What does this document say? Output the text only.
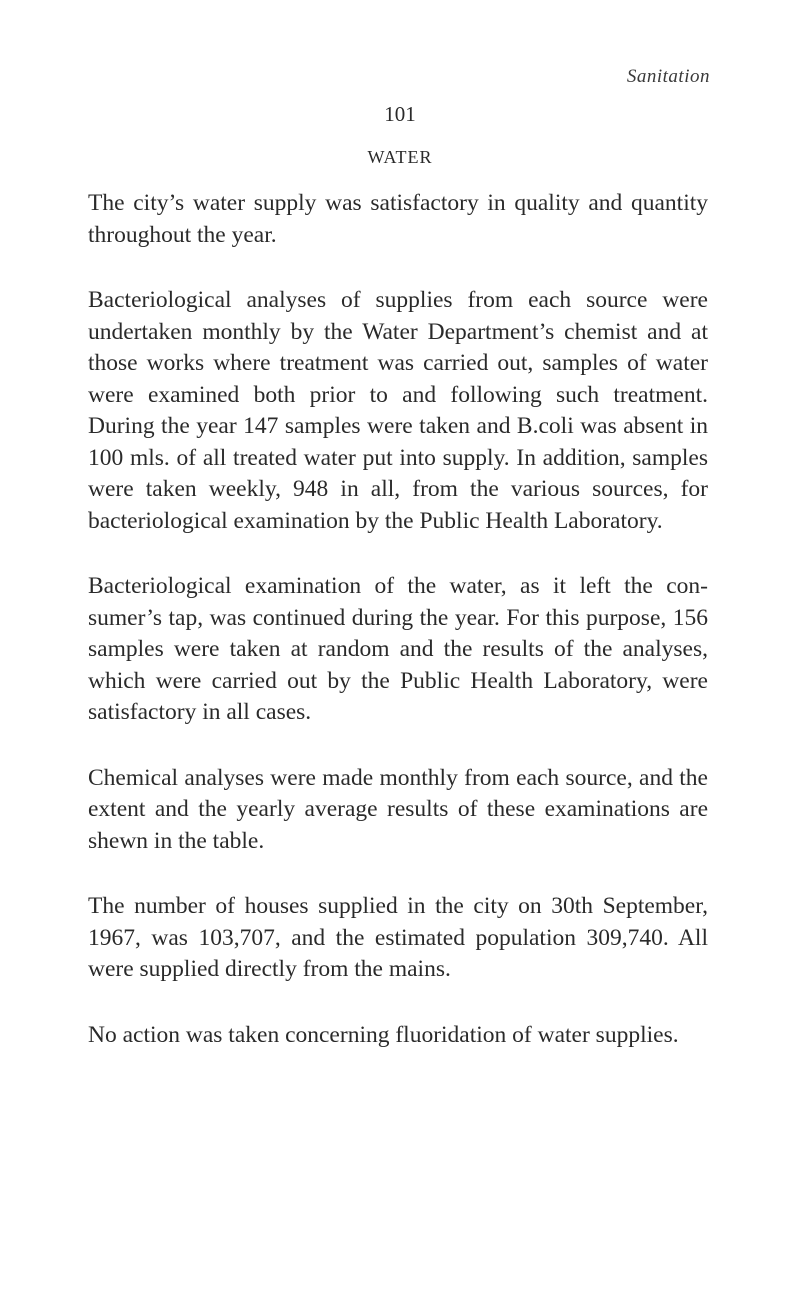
Sanitation
101
WATER

The city’s water supply was satisfactory in quality and quantity throughout the year.

Bacteriological analyses of supplies from each source were undertaken monthly by the Water Department’s chemist and at those works where treatment was carried out, samples of water were examined both prior to and following such treatment. During the year 147 samples were taken and B.coli was absent in 100 mls. of all treated water put into supply. In addition, samples were taken weekly, 948 in all, from the various sources, for bacteriological examination by the Public Health Laboratory.

Bacteriological examination of the water, as it left the con-sumer’s tap, was continued during the year. For this purpose, 156 samples were taken at random and the results of the analyses, which were carried out by the Public Health Laboratory, were satisfactory in all cases.

Chemical analyses were made monthly from each source, and the extent and the yearly average results of these examinations are shewn in the table.

The number of houses supplied in the city on 30th September, 1967, was 103,707, and the estimated population 309,740. All were supplied directly from the mains.

No action was taken concerning fluoridation of water supplies.
